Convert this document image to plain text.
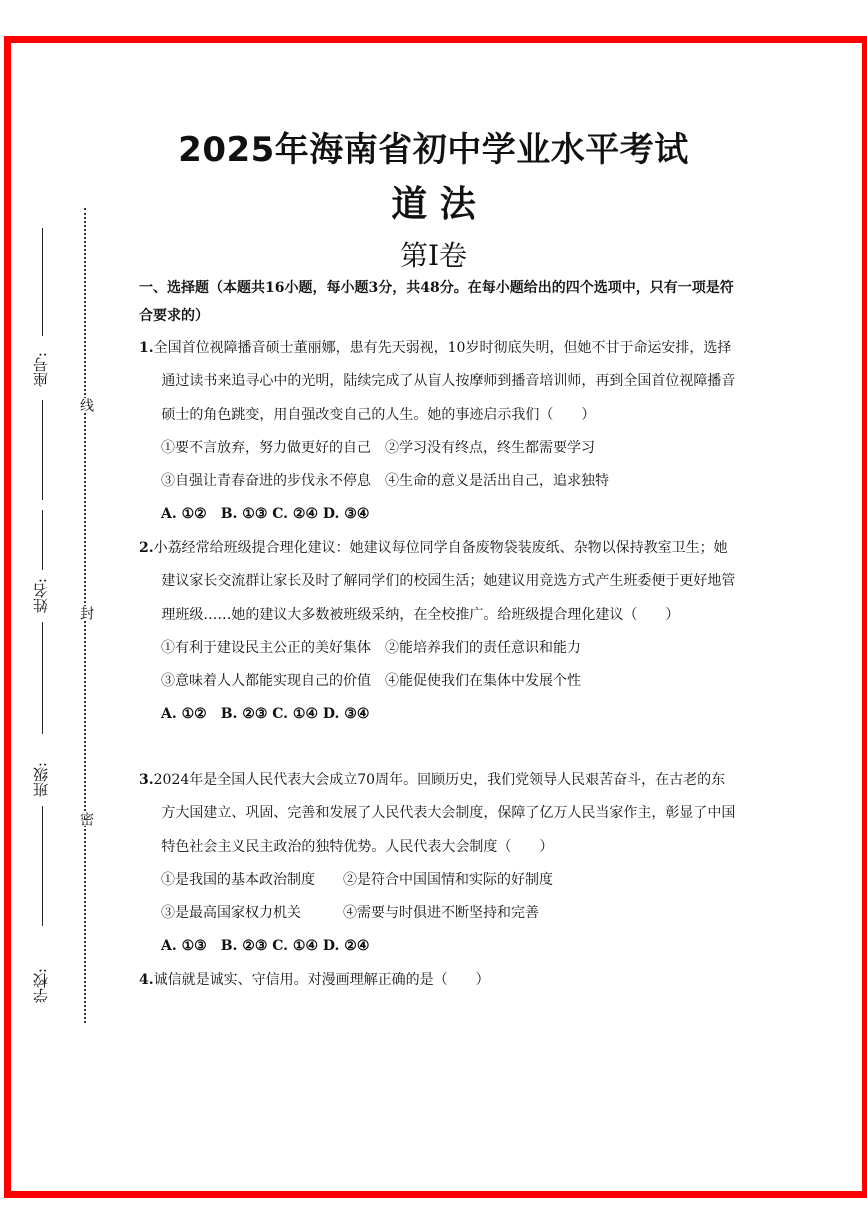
座号:
姓名:
班级:
学校:
线
封
密
2025年海南省初中学业水平考试
道 法
第I卷
一、选择题（本题共16小题，每小题3分，共48分。在每小题给出的四个选项中，只有一项是符合要求的）
1.全国首位视障播音硕士董丽娜，患有先天弱视，10岁时彻底失明，但她不甘于命运安排，选择通过读书来追寻心中的光明，陆续完成了从盲人按摩师到播音培训师，再到全国首位视障播音硕士的角色跳变，用自强改变自己的人生。她的事迹启示我们（　　）
①要不言放弃，努力做更好的自己　②学习没有终点，终生都需要学习
③自强让青春奋进的步伐永不停息　④生命的意义是活出自己，追求独特
A. ①②　B. ①③ C. ②④ D. ③④
2.小荔经常给班级提合理化建议：她建议每位同学自备废物袋装废纸、杂物以保持教室卫生；她建议家长交流群让家长及时了解同学们的校园生活；她建议用竞选方式产生班委便于更好地管理班级……她的建议大多数被班级采纳，在全校推广。给班级提合理化建议（　　）
①有利于建设民主公正的美好集体　②能培养我们的责任意识和能力
③意味着人人都能实现自己的价值　④能促使我们在集体中发展个性
A. ①②　B. ②③ C. ①④ D. ③④
3.2024年是全国人民代表大会成立70周年。回顾历史，我们党领导人民艰苦奋斗，在古老的东方大国建立、巩固、完善和发展了人民代表大会制度，保障了亿万人民当家作主，彰显了中国特色社会主义民主政治的独特优势。人民代表大会制度（　　）
①是我国的基本政治制度　　②是符合中国国情和实际的好制度
③是最高国家权力机关　　　④需要与时俱进不断坚持和完善
A. ①③　B. ②③ C. ①④ D. ②④
4.诚信就是诚实、守信用。对漫画理解正确的是（　　）
